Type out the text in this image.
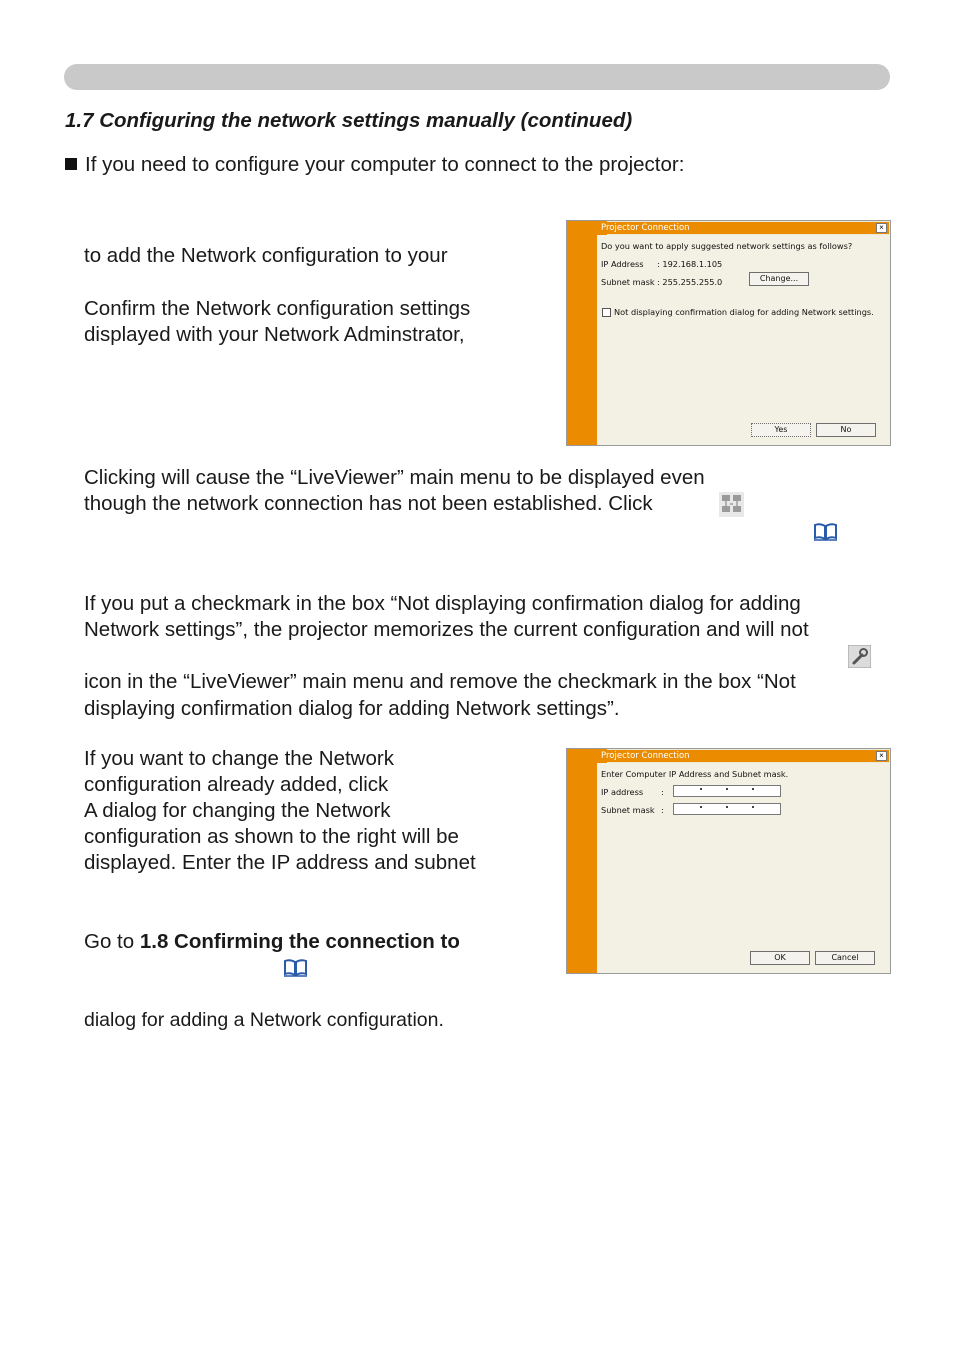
1.7 Configuring the network settings manually (continued)
If you need to configure your computer to connect to the projector:
to add the Network configuration to your
Confirm the Network configuration settings
displayed with your Network Adminstrator,
Projector Connection	×
Do you want to apply suggested network settings as follows?
IP Address : 192.168.1.105
Subnet mask : 255.255.255.0	Change...
Not displaying confirmation dialog for adding Network settings.
Yes	No
Clicking will cause the “LiveViewer” main menu to be displayed even
though the network connection has not been established. Click
If you put a checkmark in the box “Not displaying confirmation dialog for adding
Network settings”, the projector memorizes the current configuration and will not
icon in the “LiveViewer” main menu and remove the checkmark in the box “Not
displaying confirmation dialog for adding Network settings”.
If you want to change the Network
configuration already added, click
A dialog for changing the Network
configuration as shown to the right will be
displayed. Enter the IP address and subnet
Projector Connection	×
Enter Computer IP Address and Subnet mask.
IP address :
Subnet mask :
OK	Cancel
Go to 1.8 Confirming the connection to
dialog for adding a Network configuration.
